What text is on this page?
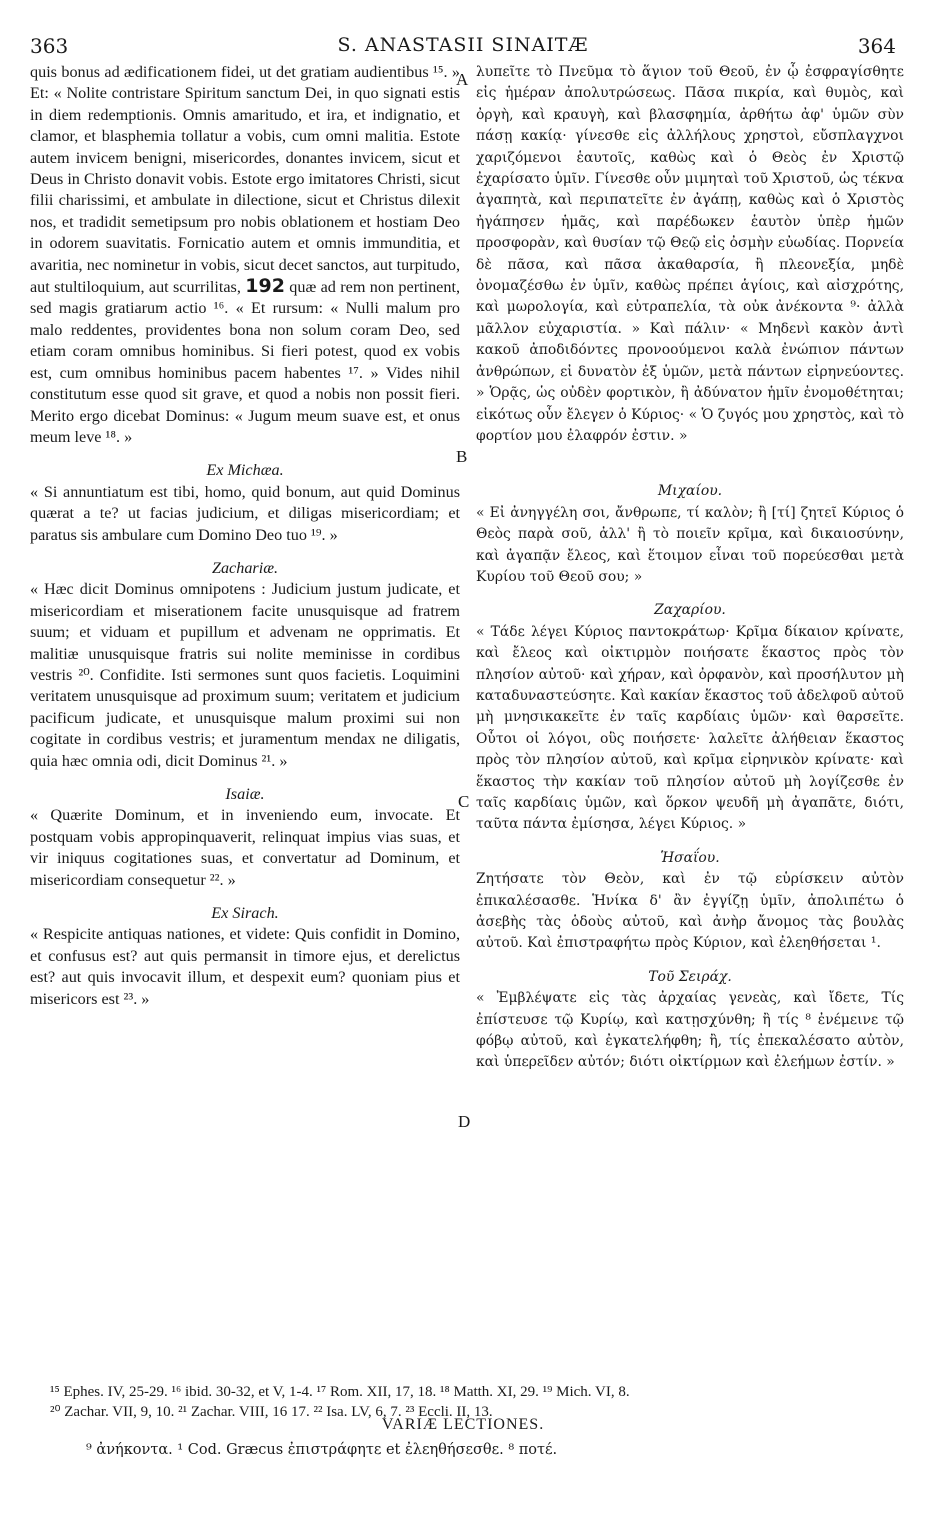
363	S. ANASTASII SINAITÆ	364

quis bonus ad ædificationem fidei, ut det gratiam audientibus ¹⁵. » Et: « Nolite contristare Spiritum sanctum Dei, in quo signati estis in diem redemptionis. Omnis amaritudo, et ira, et indignatio, et clamor, et blasphemia tollatur a vobis, cum omni malitia. Estote autem invicem benigni, misericordes, donantes invicem, sicut et Deus in Christo donavit vobis. Estote ergo imitatores Christi, sicut filii charissimi, et ambulate in dilectione, sicut et Christus dilexit nos, et tradidit semetipsum pro nobis oblationem et hostiam Deo in odorem suavitatis. Fornicatio autem et omnis immunditia, et avaritia, nec nominetur in vobis, sicut decet sanctos, aut turpitudo, aut stultiloquium, aut scurrilitas, 192 quæ ad rem non pertinent, sed magis gratiarum actio ¹⁶. « Et rursum: « Nulli malum pro malo reddentes, providentes bona non solum coram Deo, sed etiam coram omnibus hominibus. Si fieri potest, quod ex vobis est, cum omnibus hominibus pacem habentes ¹⁷. » Vides nihil constitutum esse quod sit grave, et quod a nobis non possit fieri. Merito ergo dicebat Dominus: « Jugum meum suave est, et onus meum leve ¹⁸. »

Ex Michæa.

« Si annuntiatum est tibi, homo, quid bonum, aut quid Dominus quærat a te? ut facias judicium, et diligas misericordiam; et paratus sis ambulare cum Domino Deo tuo ¹⁹. »

Zachariæ.

« Hæc dicit Dominus omnipotens : Judicium justum judicate, et misericordiam et miserationem facite unusquisque ad fratrem suum; et viduam et pupillum et advenam ne opprimatis. Et malitiæ unusquisque fratris sui nolite meminisse in cordibus vestris ²⁰. Confidite. Isti sermones sunt quos facietis. Loquimini veritatem unusquisque ad proximum suum; veritatem et judicium pacificum judicate, et unusquisque malum proximi sui non cogitate in cordibus vestris; et juramentum mendax ne diligatis, quia hæc omnia odi, dicit Dominus ²¹. »

Isaiæ.

« Quærite Dominum, et in inveniendo eum, invocate. Et postquam vobis appropinquaverit, relinquat impius vias suas, et vir iniquus cogitationes suas, et convertatur ad Dominum, et misericordiam consequetur ²². »

Ex Sirach.

« Respicite antiquas nationes, et videte: Quis confidit in Domino, et confusus est? aut quis permansit in timore ejus, et derelictus est? aut quis invocavit illum, et despexit eum? quoniam pius et misericors est ²³. »

A
B
C
D

λυπεῖτε τὸ Πνεῦμα τὸ ἅγιον τοῦ Θεοῦ, ἐν ᾧ ἐσφραγίσθητε εἰς ἡμέραν ἀπολυτρώσεως. Πᾶσα πικρία, καὶ θυμὸς, καὶ ὀργὴ, καὶ κραυγὴ, καὶ βλασφημία, ἀρθήτω ἀφ' ὑμῶν σὺν πάσῃ κακίᾳ· γίνεσθε εἰς ἀλλήλους χρηστοὶ, εὔσπλαγχνοι χαριζόμενοι ἑαυτοῖς, καθὼς καὶ ὁ Θεὸς ἐν Χριστῷ ἐχαρίσατο ὑμῖν. Γίνεσθε οὖν μιμηταὶ τοῦ Χριστοῦ, ὡς τέκνα ἀγαπητὰ, καὶ περιπατεῖτε ἐν ἀγάπῃ, καθὼς καὶ ὁ Χριστὸς ἠγάπησεν ἡμᾶς, καὶ παρέδωκεν ἑαυτὸν ὑπὲρ ἡμῶν προσφορὰν, καὶ θυσίαν τῷ Θεῷ εἰς ὀσμὴν εὐωδίας. Πορνεία δὲ πᾶσα, καὶ πᾶσα ἀκαθαρσία, ἢ πλεονεξία, μηδὲ ὀνομαζέσθω ἐν ὑμῖν, καθὼς πρέπει ἁγίοις, καὶ αἰσχρότης, καὶ μωρολογία, καὶ εὐτραπελία, τὰ οὐκ ἀνέκοντα ⁹· ἀλλὰ μᾶλλον εὐχαριστία. » Καὶ πάλιν· « Μηδενὶ κακὸν ἀντὶ κακοῦ ἀποδιδόντες προνοούμενοι καλὰ ἐνώπιον πάντων ἀνθρώπων, εἰ δυνατὸν ἐξ ὑμῶν, μετὰ πάντων εἰρηνεύοντες. » Ὁρᾷς, ὡς οὐδὲν φορτικὸν, ἢ ἀδύνατον ἡμῖν ἐνομοθέτηται; εἰκότως οὖν ἔλεγεν ὁ Κύριος· « Ὁ ζυγός μου χρηστὸς, καὶ τὸ φορτίον μου ἐλαφρόν ἐστιν. »

Μιχαίου.

« Εἰ ἀνηγγέλη σοι, ἄνθρωπε, τί καλὸν; ἢ [τί] ζητεῖ Κύριος ὁ Θεὸς παρὰ σοῦ, ἀλλ' ἢ τὸ ποιεῖν κρῖμα, καὶ δικαιοσύνην, καὶ ἀγαπᾷν ἔλεος, καὶ ἕτοιμον εἶναι τοῦ πορεύεσθαι μετὰ Κυρίου τοῦ Θεοῦ σου; »

Ζαχαρίου.

« Τάδε λέγει Κύριος παντοκράτωρ· Κρῖμα δίκαιον κρίνατε, καὶ ἔλεος καὶ οἰκτιρμὸν ποιήσατε ἕκαστος πρὸς τὸν πλησίον αὐτοῦ· καὶ χήραν, καὶ ὀρφανὸν, καὶ προσήλυτον μὴ καταδυναστεύσητε. Καὶ κακίαν ἕκαστος τοῦ ἀδελφοῦ αὐτοῦ μὴ μνησικακεῖτε ἐν ταῖς καρδίαις ὑμῶν· καὶ θαρσεῖτε. Οὗτοι οἱ λόγοι, οὓς ποιήσετε· λαλεῖτε ἀλήθειαν ἕκαστος πρὸς τὸν πλησίον αὐτοῦ, καὶ κρῖμα εἰρηνικὸν κρίνατε· καὶ ἕκαστος τὴν κακίαν τοῦ πλησίον αὐτοῦ μὴ λογίζεσθε ἐν ταῖς καρδίαις ὑμῶν, καὶ ὅρκον ψευδῆ μὴ ἀγαπᾶτε, διότι, ταῦτα πάντα ἐμίσησα, λέγει Κύριος. »

Ἡσαΐου.

Ζητήσατε τὸν Θεὸν, καὶ ἐν τῷ εὑρίσκειν αὐτὸν ἐπικαλέσασθε. Ἡνίκα δ' ἂν ἐγγίζῃ ὑμῖν, ἀπολιπέτω ὁ ἀσεβὴς τὰς ὁδοὺς αὐτοῦ, καὶ ἀνὴρ ἄνομος τὰς βουλὰς αὐτοῦ. Καὶ ἐπιστραφήτω πρὸς Κύριον, καὶ ἐλεηθήσεται ¹.

Τοῦ Σειράχ.

« Ἐμβλέψατε εἰς τὰς ἀρχαίας γενεὰς, καὶ ἴδετε, Τίς ἐπίστευσε τῷ Κυρίῳ, καὶ κατῃσχύνθη; ἢ τίς ⁸ ἐνέμεινε τῷ φόβῳ αὐτοῦ, καὶ ἐγκατελήφθη; ἢ, τίς ἐπεκαλέσατο αὐτὸν, καὶ ὑπερεῖδεν αὐτόν; διότι οἰκτίρμων καὶ ἐλεήμων ἐστίν. »

¹⁵ Ephes. IV, 25-29. ¹⁶ ibid. 30-32, et V, 1-4. ¹⁷ Rom. XII, 17, 18. ¹⁸ Matth. XI, 29. ¹⁹ Mich. VI, 8.

²⁰ Zachar. VII, 9, 10. ²¹ Zachar. VIII, 16 17. ²² Isa. LV, 6, 7. ²³ Eccli. II, 13.

VARIÆ LECTIONES.
⁹ ἀνήκοντα. ¹ Cod. Græcus ἐπιστράφητε et ἐλεηθήσεσθε. ⁸ ποτέ.
